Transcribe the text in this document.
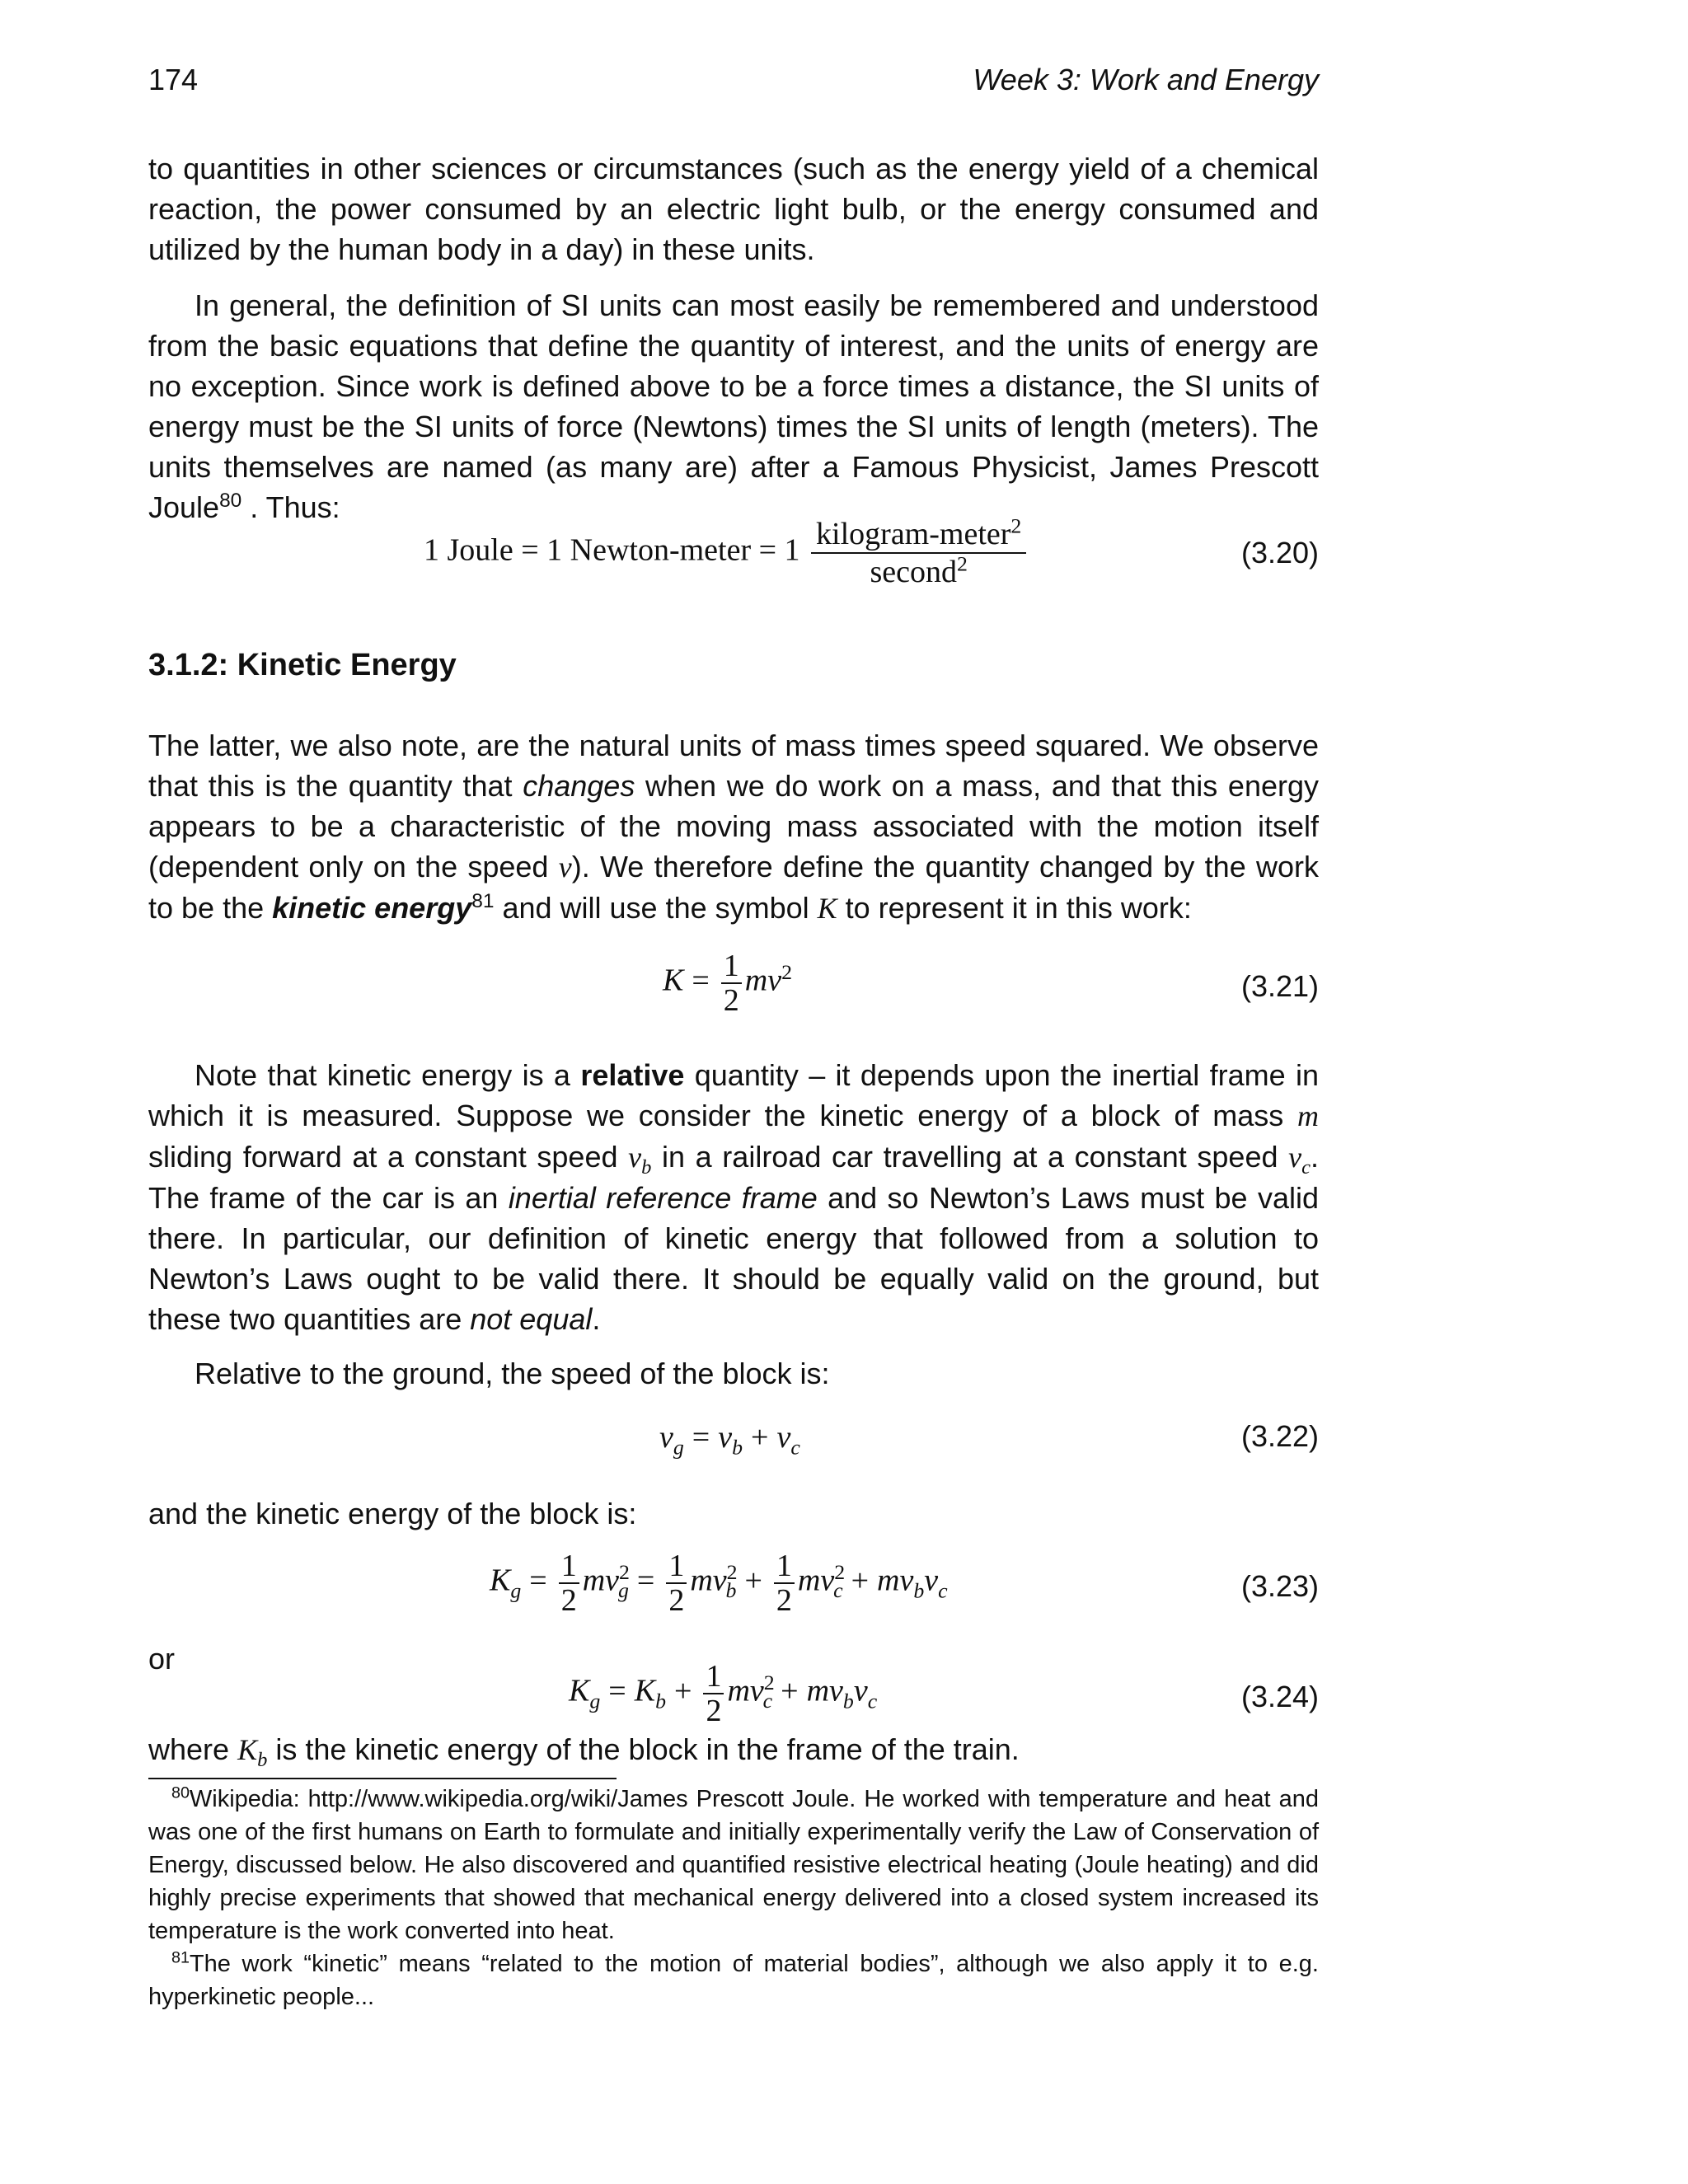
174	Week 3: Work and Energy

to quantities in other sciences or circumstances (such as the energy yield of a chemical reaction, the power consumed by an electric light bulb, or the energy consumed and utilized by the human body in a day) in these units.

In general, the definition of SI units can most easily be remembered and understood from the basic equations that define the quantity of interest, and the units of energy are no exception. Since work is defined above to be a force times a distance, the SI units of energy must be the SI units of force (Newtons) times the SI units of length (meters). The units themselves are named (as many are) after a Famous Physicist, James Prescott Joule$^{80}$ . Thus:

1 Joule = 1 Newton-meter = $1 \frac{kilogram-meter^2}{second^2}$	(3.20)
3.1.2: Kinetic Energy

The latter, we also note, are the natural units of mass times speed squared. We observe that this is the quantity that changes when we do work on a mass, and that this energy appears to be a characteristic of the moving mass associated with the motion itself (dependent only on the speed v). We therefore define the quantity changed by the work to be the kinetic energy$^{81}$ and will use the symbol K to represent it in this work:

$K = \frac{1}{2} mv^2$	(3.21)

Note that kinetic energy is a relative quantity – it depends upon the inertial frame in which it is measured. Suppose we consider the kinetic energy of a block of mass m sliding forward at a constant speed $v_b$ in a railroad car travelling at a constant speed $v_c$. The frame of the car is an inertial reference frame and so Newton’s Laws must be valid there. In particular, our definition of kinetic energy that followed from a solution to Newton’s Laws ought to be valid there. It should be equally valid on the ground, but these two quantities are not equal.

Relative to the ground, the speed of the block is:

$v_g = v_b + v_c$	(3.22)

and the kinetic energy of the block is:

$K_g = \frac{1}{2} mv^2_g = \frac{1}{2} mv^2_b + \frac{1}{2} mv^2_c + mv_bv_c$	(3.23)

or

$K_g = K_b + \frac{1}{2} mv^2_c + mv_bv_c$	(3.24)

where $K_b$ is the kinetic energy of the block in the frame of the train.

$^{80}$Wikipedia: http://www.wikipedia.org/wiki/James Prescott Joule. He worked with temperature and heat and was one of the first humans on Earth to formulate and initially experimentally verify the Law of Conservation of Energy, discussed below. He also discovered and quantified resistive electrical heating (Joule heating) and did highly precise experiments that showed that mechanical energy delivered into a closed system increased its temperature is the work converted into heat.

$^{81}$The work “kinetic” means “related to the motion of material bodies”, although we also apply it to e.g. hyperkinetic people...
